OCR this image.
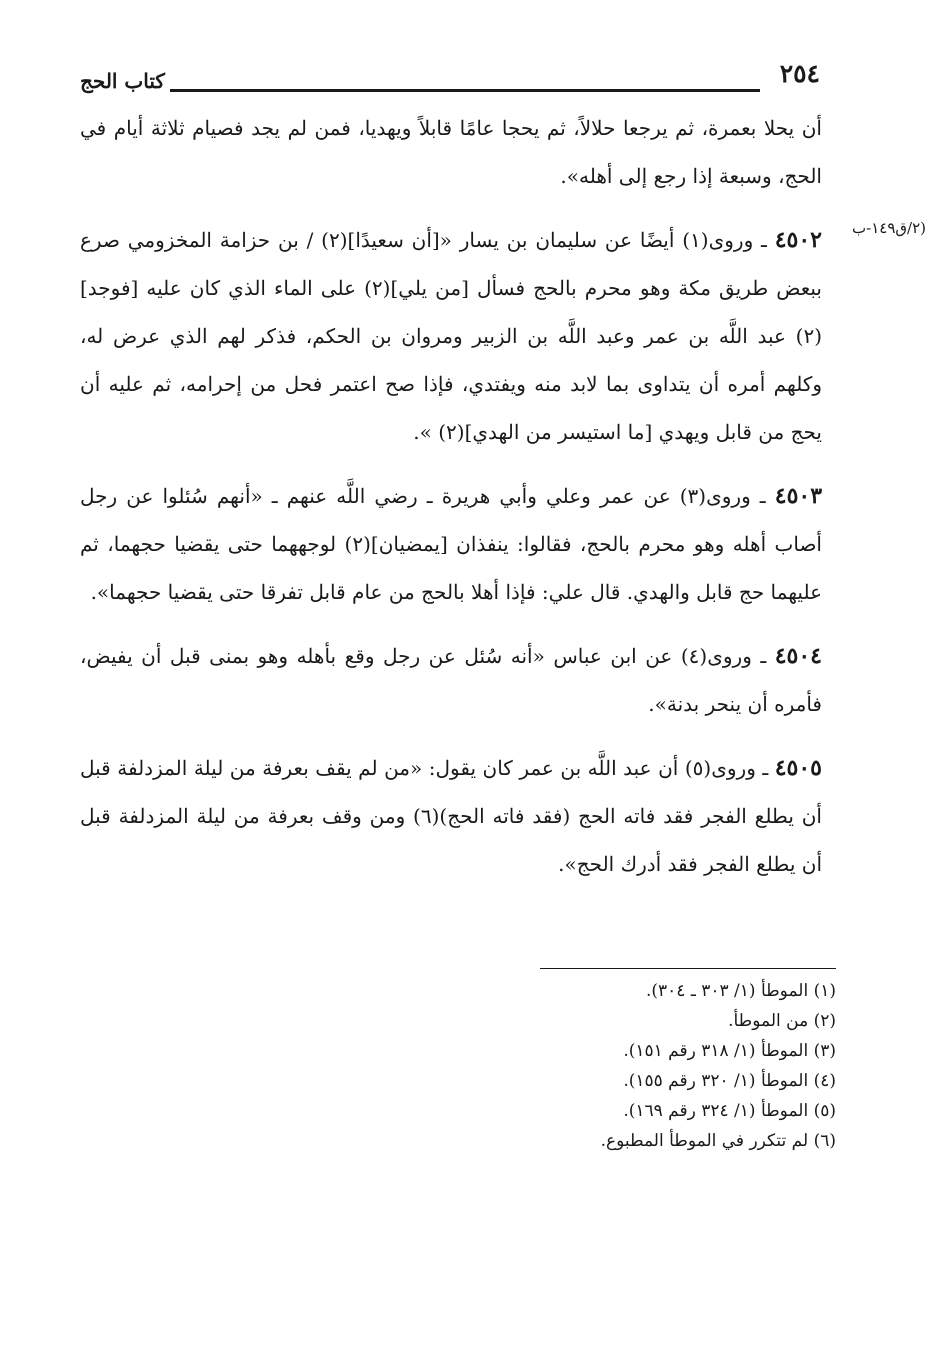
٢٥٤
كتاب الحج
(٢/ق١٤٩-ب

أن يحلا بعمرة، ثم يرجعا حلالاً، ثم يحجا عامًا قابلاً ويهديا، فمن لم يجد فصيام ثلاثة أيام في الحج، وسبعة إذا رجع إلى أهله».

٤٥٠٢ ـ وروى(١) أيضًا عن سليمان بن يسار «[أن سعيدًا](٢) / بن حزامة المخزومي صرع ببعض طريق مكة وهو محرم بالحج فسأل [من يلي](٢) على الماء الذي كان عليه [فوجد](٢) عبد اللَّه بن عمر وعبد اللَّه بن الزبير ومروان بن الحكم، فذكر لهم الذي عرض له، وكلهم أمره أن يتداوى بما لابد منه ويفتدي، فإذا صح اعتمر فحل من إحرامه، ثم عليه أن يحج من قابل ويهدي [ما استيسر من الهدي](٢) ».

٤٥٠٣ ـ وروى(٣) عن عمر وعلي وأبي هريرة ـ رضي اللَّه عنهم ـ «أنهم سُئلوا عن رجل أصاب أهله وهو محرم بالحج، فقالوا: ينفذان [يمضيان](٢) لوجههما حتى يقضيا حجهما، ثم عليهما حج قابل والهدي. قال علي: فإذا أهلا بالحج من عام قابل تفرقا حتى يقضيا حجهما».

٤٥٠٤ ـ وروى(٤) عن ابن عباس «أنه سُئل عن رجل وقع بأهله وهو بمنى قبل أن يفيض، فأمره أن ينحر بدنة».

٤٥٠٥ ـ وروى(٥) أن عبد اللَّه بن عمر كان يقول: «من لم يقف بعرفة من ليلة المزدلفة قبل أن يطلع الفجر فقد فاته الحج (فقد فاته الحج)(٦) ومن وقف بعرفة من ليلة المزدلفة قبل أن يطلع الفجر فقد أدرك الحج».

(١) الموطأ (١/ ٣٠٣ ـ ٣٠٤).
(٢) من الموطأ.
(٣) الموطأ (١/ ٣١٨ رقم ١٥١).
(٤) الموطأ (١/ ٣٢٠ رقم ١٥٥).
(٥) الموطأ (١/ ٣٢٤ رقم ١٦٩).
(٦) لم تتكرر في الموطأ المطبوع.
